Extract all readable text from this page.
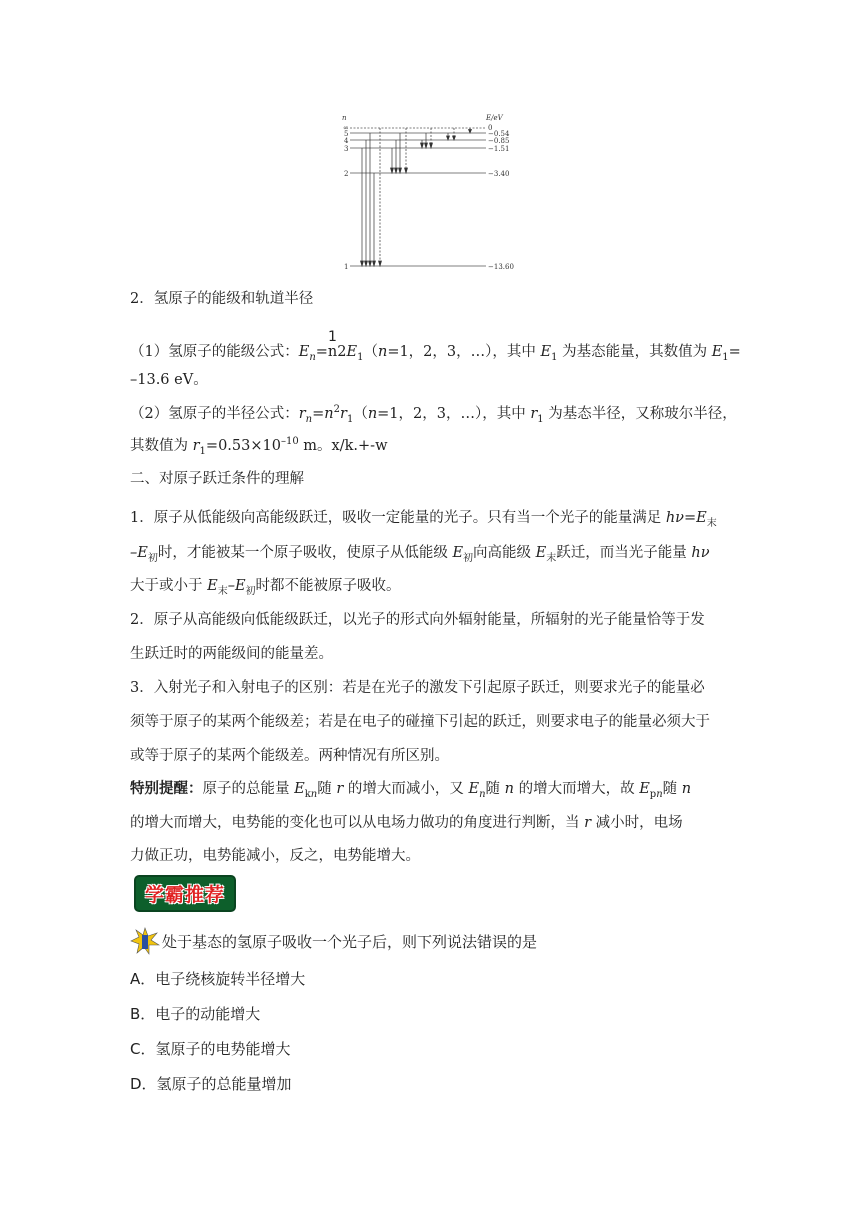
n	E/eV
∞
5
4
3
2
1
0
−0.54
−0.85
−1.51
−3.40
−13.60
2．氢原子的能级和轨道半径
1
（1）氢原子的能级公式：$E_n=n2E_1(n=1$，2，3，…），其中 $E_1$ 为基态能量，其数值为 $E_1=$
–13.6 eV。
（2）氢原子的半径公式：$r_n=n^2r_1(n=1$，2，3，…），其中 $r_1$ 为基态半径，又称玻尔半径，
其数值为 $r_1=0.53\times 10^{-10}$ m。x/k.+-w
二、对原子跃迁条件的理解
1．原子从低能级向高能级跃迁，吸收一定能量的光子。只有当一个光子的能量满足 $h\nu=E_末$
$-E_初$时，才能被某一个原子吸收，使原子从低能级 $E_初$向高能级 $E_末$跃迁，而当光子能量 hν
大于或小于 $E_末-E_初$时都不能被原子吸收。
2．原子从高能级向低能级跃迁，以光子的形式向外辐射能量，所辐射的光子能量恰等于发
生跃迁时的两能级间的能量差。
3．入射光子和入射电子的区别：若是在光子的激发下引起原子跃迁，则要求光子的能量必
须等于原子的某两个能级差；若是在电子的碰撞下引起的跃迁，则要求电子的能量必须大于
或等于原子的某两个能级差。两种情况有所区别。
特别提醒：原子的总能量 $E_{kn}$随 r 的增大而减小，又 $E_n$随 n 的增大而增大，故 $E_{pn}$随 n
的增大而增大，电势能的变化也可以从电场力做功的角度进行判断，当 r 减小时，电场
力做正功，电势能减小，反之，电势能增大。
学霸推荐
处于基态的氢原子吸收一个光子后，则下列说法错误的是
A．电子绕核旋转半径增大
B．电子的动能增大
C．氢原子的电势能增大
D．氢原子的总能量增加
